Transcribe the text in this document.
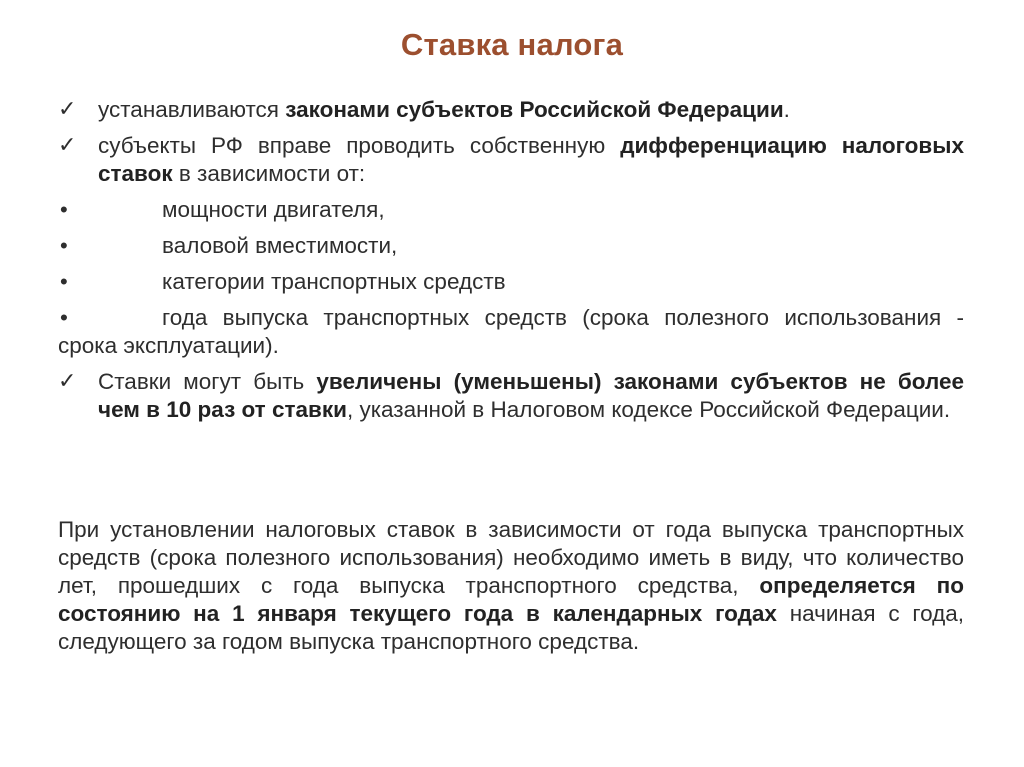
Ставка налога
✓ устанавливаются законами субъектов Российской Федерации.
✓ субъекты РФ вправе проводить собственную дифференциацию налоговых ставок в зависимости от:
•	мощности двигателя,
•	валовой вместимости,
•	категории транспортных средств
•	года выпуска транспортных средств (срока полезного использования - срока эксплуатации).
✓ Ставки могут быть увеличены (уменьшены) законами субъектов не более чем в 10 раз от ставки, указанной в Налоговом кодексе Российской Федерации.
При установлении налоговых ставок в зависимости от года выпуска транспортных средств (срока полезного использования) необходимо иметь в виду, что количество лет, прошедших с года выпуска транспортного средства, определяется по состоянию на 1 января текущего года в календарных годах начиная с года, следующего за годом выпуска транспортного средства.
